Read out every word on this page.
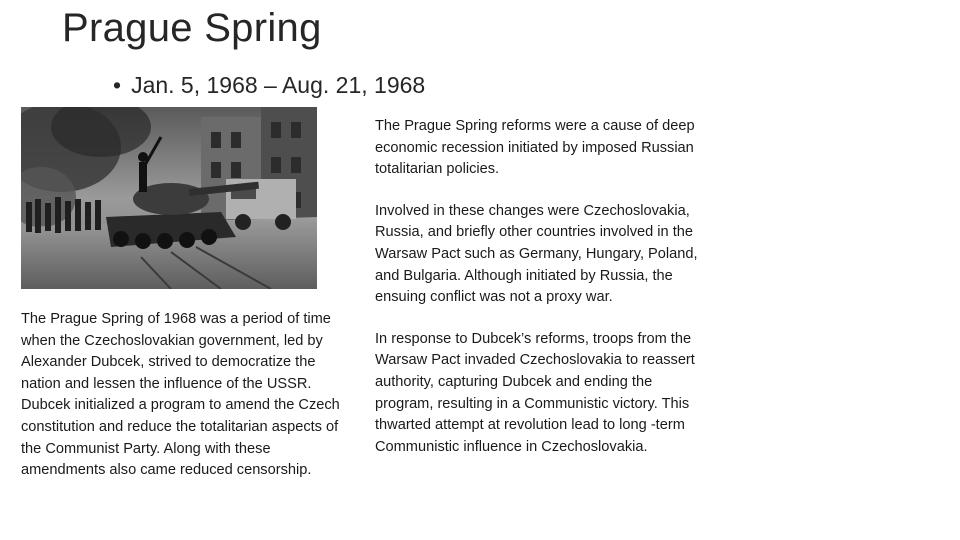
Prague Spring
• Jan. 5, 1968 – Aug. 21, 1968
The Prague Spring of 1968 was a period of time when the Czechoslovakian government, led by Alexander Dubcek, strived to democratize the nation and lessen the influence of the USSR. Dubcek initialized a program to amend the Czech constitution and reduce the totalitarian aspects of the Communist Party. Along with these amendments also came reduced censorship.

The Prague Spring reforms were a cause of deep economic recession initiated by imposed Russian totalitarian policies.

Involved in these changes were Czechoslovakia, Russia, and briefly other countries involved in the Warsaw Pact such as Germany, Hungary, Poland, and Bulgaria. Although initiated by Russia, the ensuing conflict was not a proxy war.

In response to Dubcek’s reforms, troops from the Warsaw Pact invaded Czechoslovakia to reassert authority, capturing Dubcek and ending the program, resulting in a Communistic victory. This thwarted attempt at revolution lead to long -term Communistic influence in Czechoslovakia.
